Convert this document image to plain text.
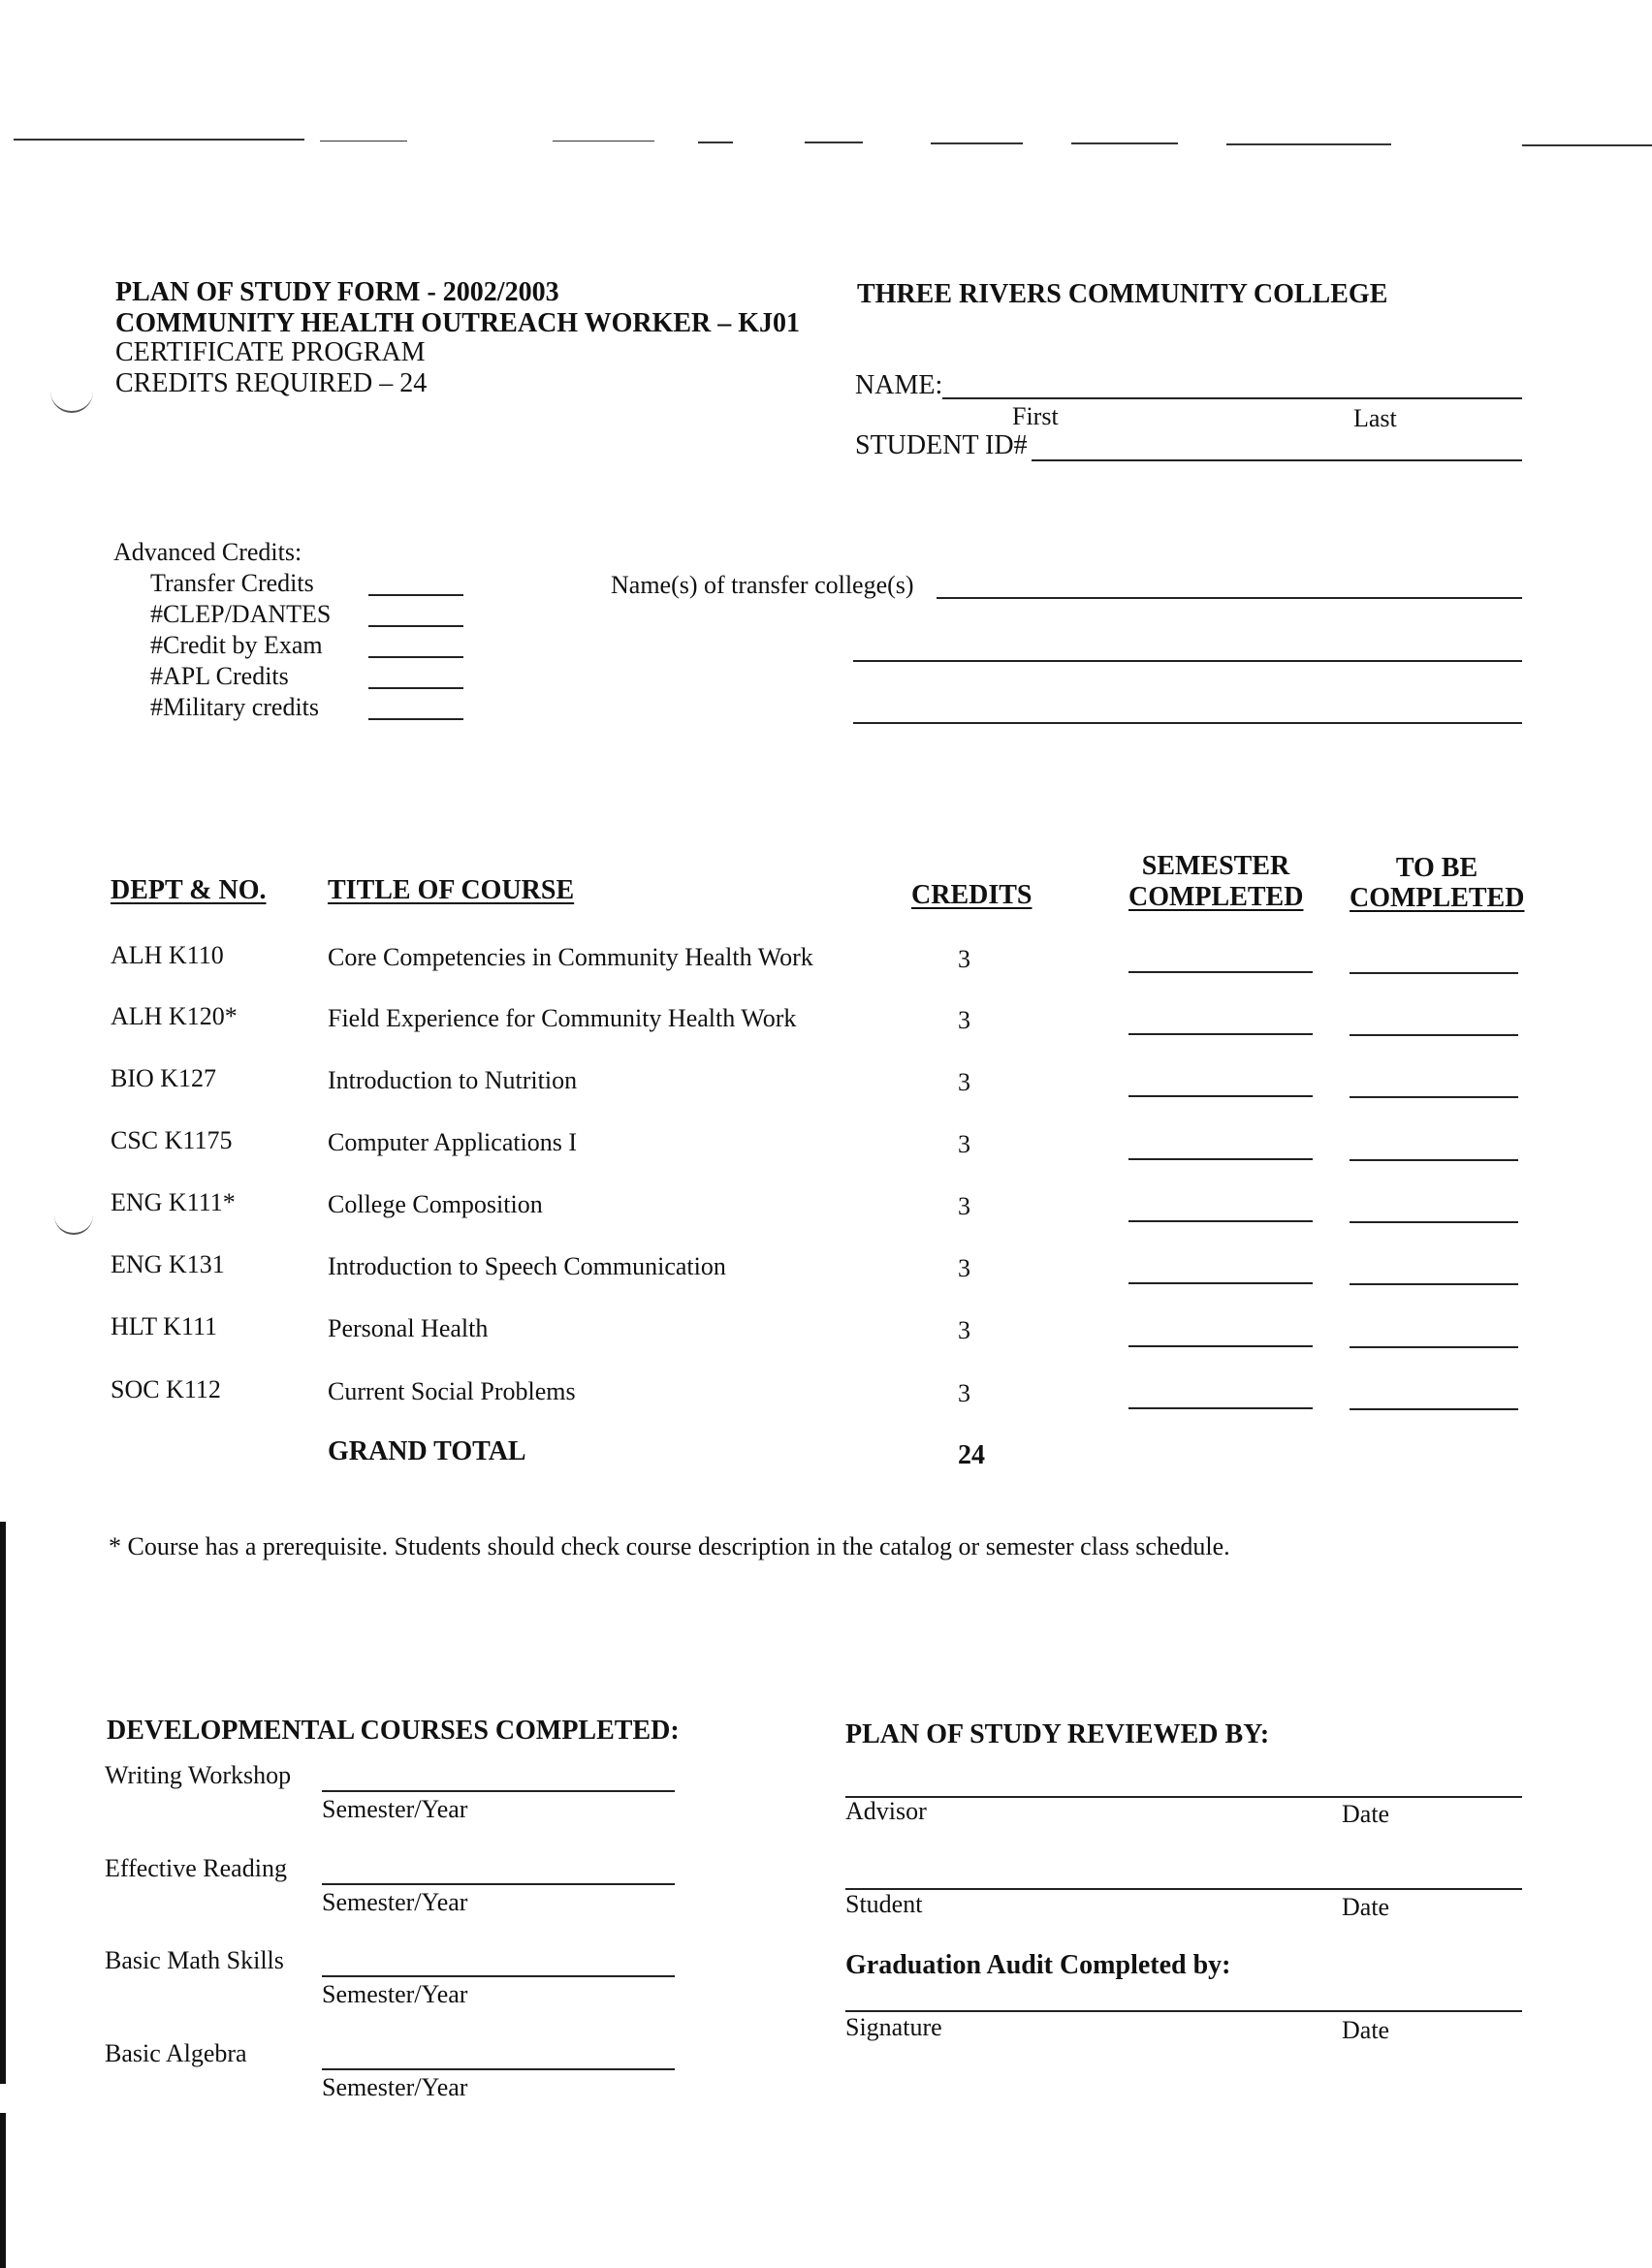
PLAN OF STUDY FORM - 2002/2003
COMMUNITY HEALTH OUTREACH WORKER – KJ01
CERTIFICATE PROGRAM
CREDITS REQUIRED – 24
THREE RIVERS COMMUNITY COLLEGE
NAME:
First	Last
STUDENT ID#
Advanced Credits:
Transfer Credits
#CLEP/DANTES
#Credit by Exam
#APL Credits
#Military credits
Name(s) of transfer college(s)
DEPT & NO. TITLE OF COURSE	CREDITS
SEMESTER
COMPLETED
TO BE
COMPLETED
ALH K110	Core Competencies in Community Health Work	3
ALH K120*	Field Experience for Community Health Work	3
BIO K127	Introduction to Nutrition	3
CSC K1175	Computer Applications I	3
ENG K111*	College Composition	3
ENG K131	Introduction to Speech Communication	3
HLT K111	Personal Health	3
SOC K112	Current Social Problems	3
GRAND TOTAL	24
* Course has a prerequisite. Students should check course description in the catalog or semester class schedule.
DEVELOPMENTAL COURSES COMPLETED:
Writing Workshop
Semester/Year
Effective Reading
Semester/Year
Basic Math Skills
Semester/Year
Basic Algebra
Semester/Year
PLAN OF STUDY REVIEWED BY:
Advisor	Date
Student	Date
Graduation Audit Completed by:
Signature	Date
